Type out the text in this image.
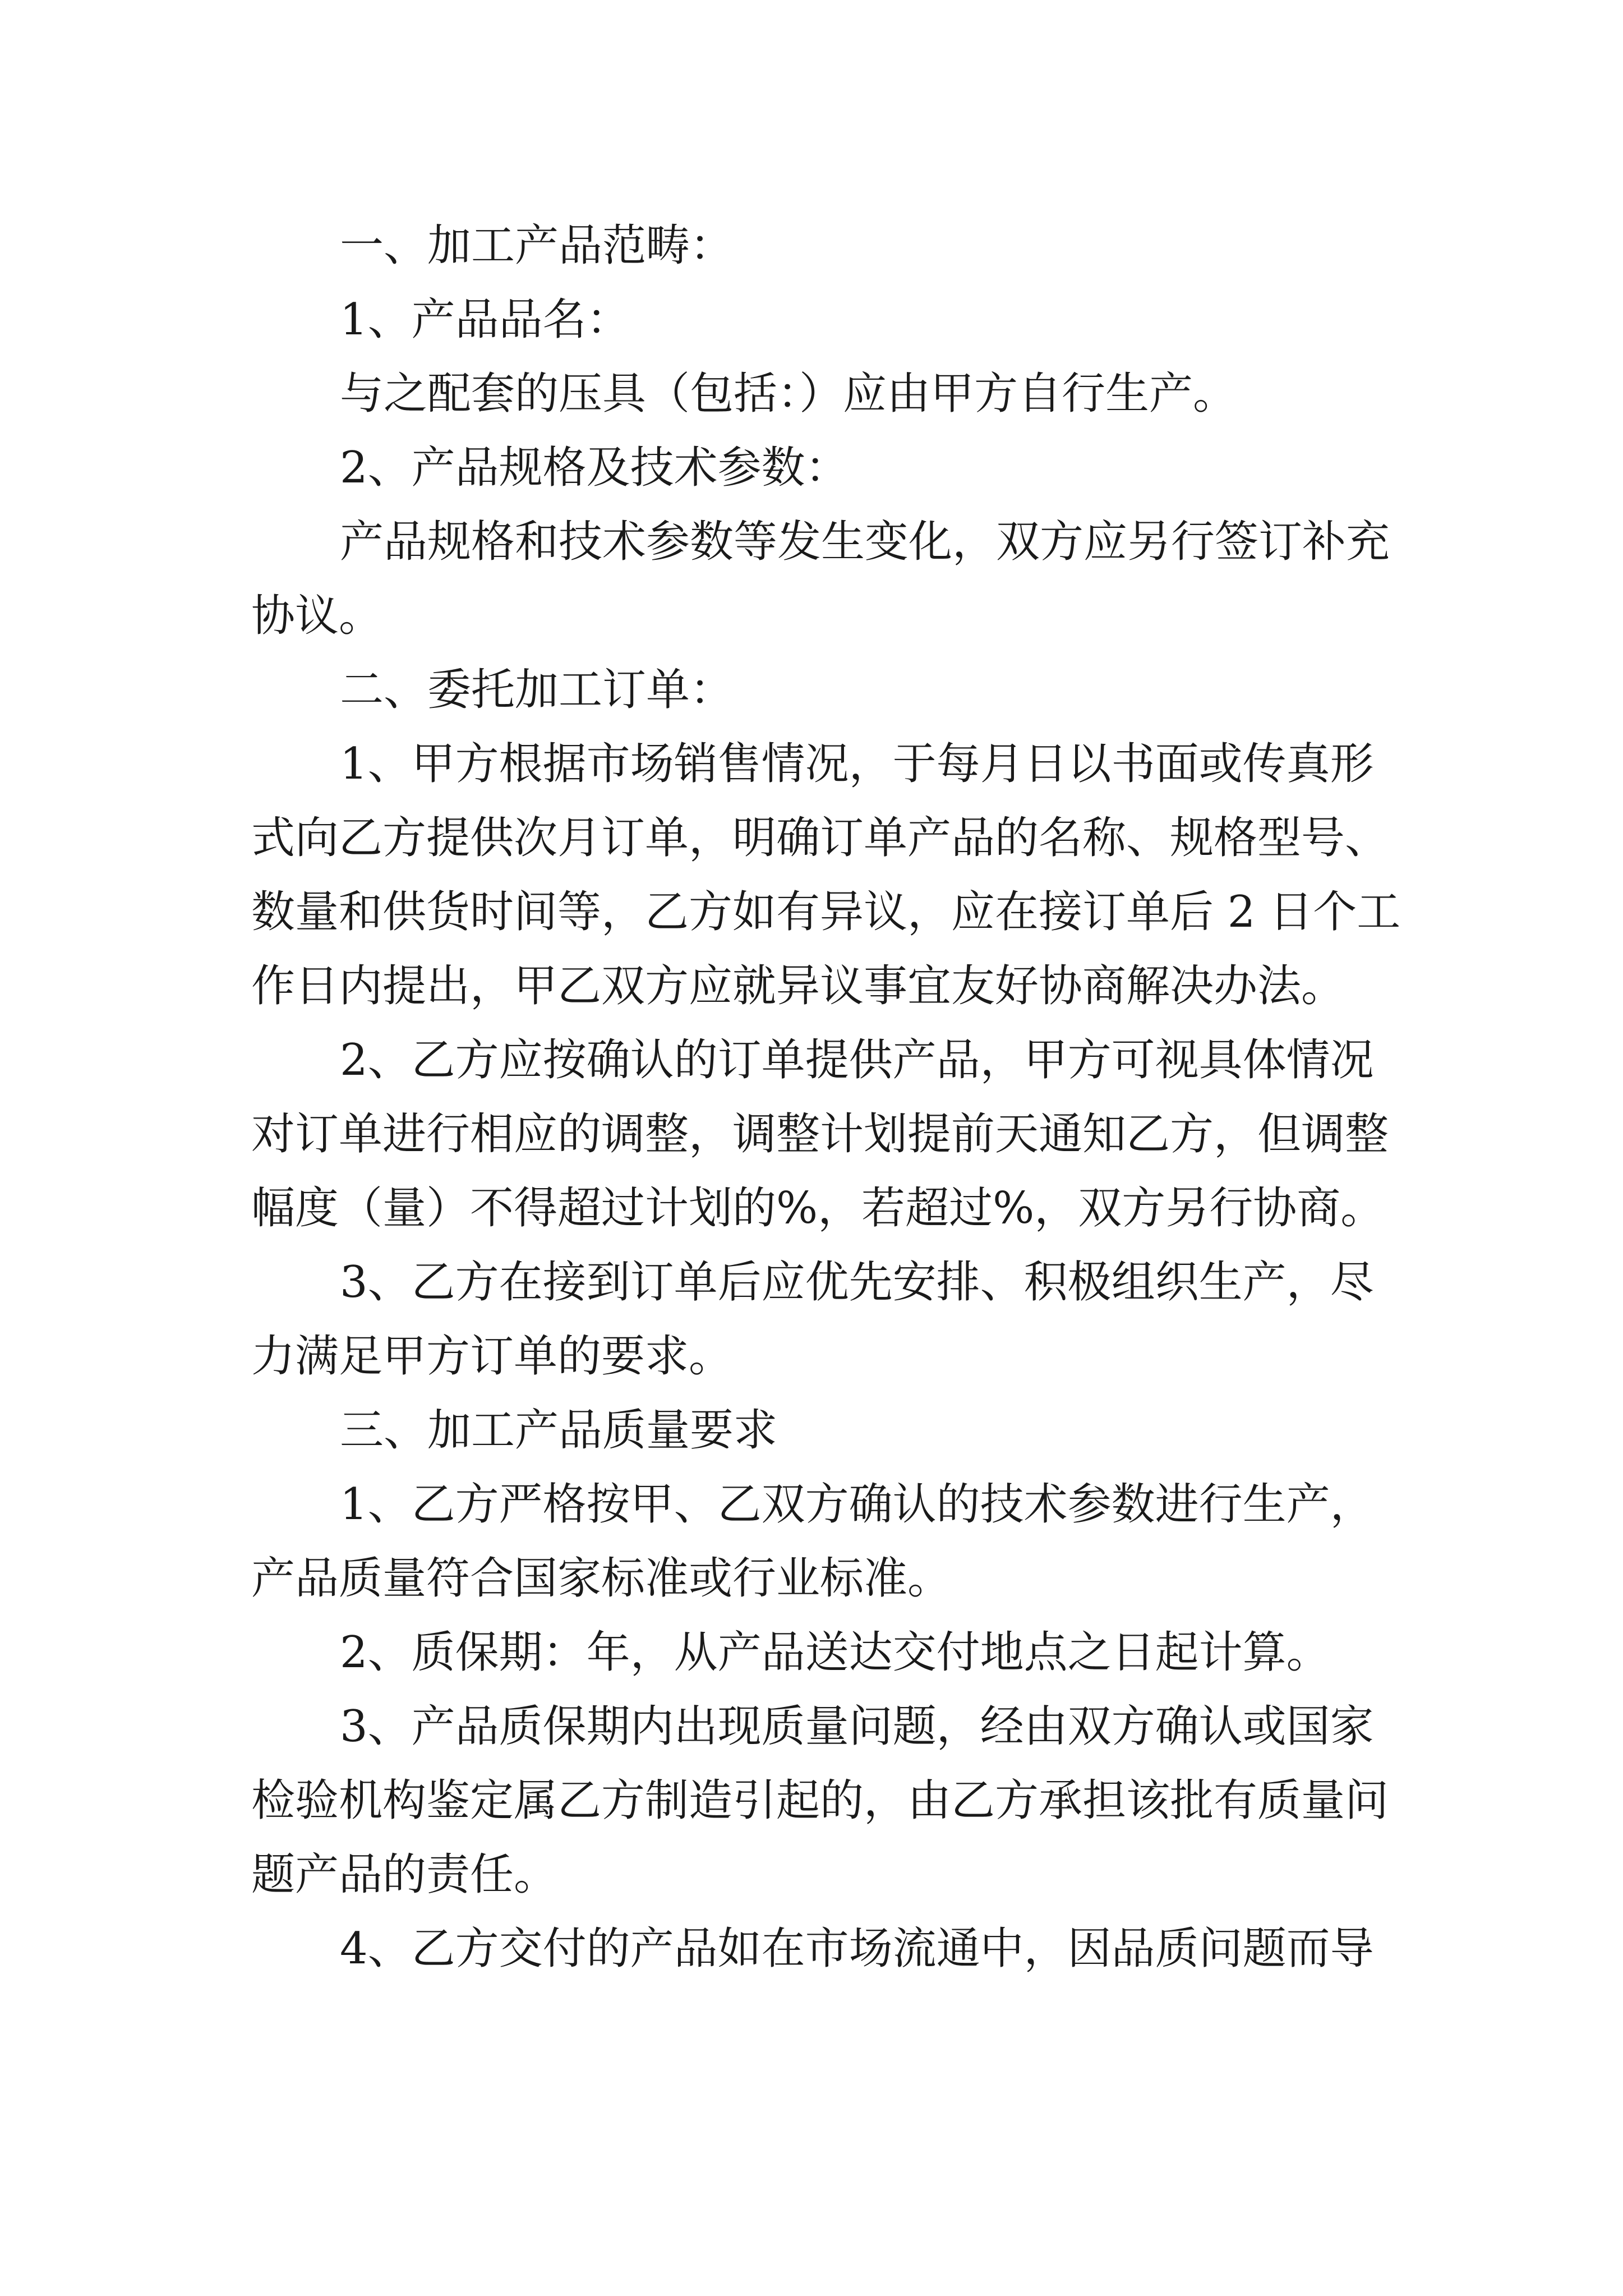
一、加工产品范畴：
1、产品品名：
与之配套的压具（包括：）应由甲方自行生产。
2、产品规格及技术参数：
产品规格和技术参数等发生变化，双方应另行签订补充
协议。
二、委托加工订单：
1、甲方根据市场销售情况，于每月日以书面或传真形
式向乙方提供次月订单，明确订单产品的名称、规格型号、
数量和供货时间等，乙方如有异议，应在接订单后 2 日个工
作日内提出，甲乙双方应就异议事宜友好协商解决办法。
2、乙方应按确认的订单提供产品，甲方可视具体情况
对订单进行相应的调整，调整计划提前天通知乙方，但调整
幅度（量）不得超过计划的%，若超过%，双方另行协商。
3、乙方在接到订单后应优先安排、积极组织生产，尽
力满足甲方订单的要求。
三、加工产品质量要求
1、乙方严格按甲、乙双方确认的技术参数进行生产，
产品质量符合国家标准或行业标准。
2、质保期：年，从产品送达交付地点之日起计算。
3、产品质保期内出现质量问题，经由双方确认或国家
检验机构鉴定属乙方制造引起的，由乙方承担该批有质量问
题产品的责任。
4、乙方交付的产品如在市场流通中，因品质问题而导
